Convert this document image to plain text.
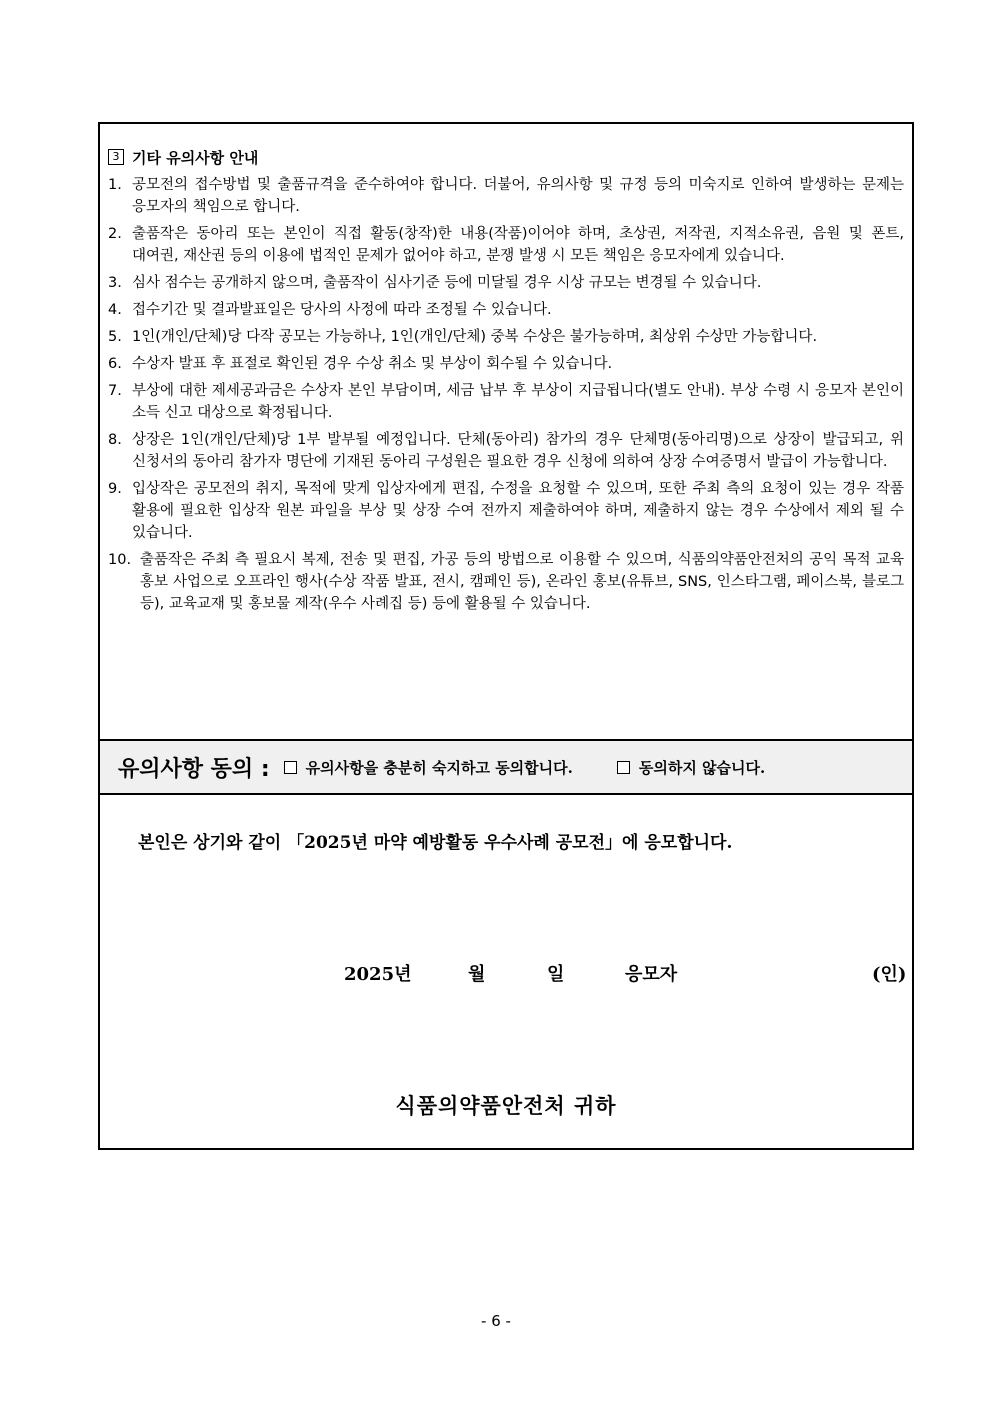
3 기타 유의사항 안내
1. 공모전의 접수방법 및 출품규격을 준수하여야 합니다. 더불어, 유의사항 및 규정 등의 미숙지로 인하여 발생하는 문제는 응모자의 책임으로 합니다.
2. 출품작은 동아리 또는 본인이 직접 활동(창작)한 내용(작품)이어야 하며, 초상권, 저작권, 지적소유권, 음원 및 폰트, 대여권, 재산권 등의 이용에 법적인 문제가 없어야 하고, 분쟁 발생 시 모든 책임은 응모자에게 있습니다.
3. 심사 점수는 공개하지 않으며, 출품작이 심사기준 등에 미달될 경우 시상 규모는 변경될 수 있습니다.
4. 접수기간 및 결과발표일은 당사의 사정에 따라 조정될 수 있습니다.
5. 1인(개인/단체)당 다작 공모는 가능하나, 1인(개인/단체) 중복 수상은 불가능하며, 최상위 수상만 가능합니다.
6. 수상자 발표 후 표절로 확인된 경우 수상 취소 및 부상이 회수될 수 있습니다.
7. 부상에 대한 제세공과금은 수상자 본인 부담이며, 세금 납부 후 부상이 지급됩니다(별도 안내). 부상 수령 시 응모자 본인이 소득 신고 대상으로 확정됩니다.
8. 상장은 1인(개인/단체)당 1부 발부될 예정입니다. 단체(동아리) 참가의 경우 단체명(동아리명)으로 상장이 발급되고, 위 신청서의 동아리 참가자 명단에 기재된 동아리 구성원은 필요한 경우 신청에 의하여 상장 수여증명서 발급이 가능합니다.
9. 입상작은 공모전의 취지, 목적에 맞게 입상자에게 편집, 수정을 요청할 수 있으며, 또한 주최 측의 요청이 있는 경우 작품 활용에 필요한 입상작 원본 파일을 부상 및 상장 수여 전까지 제출하여야 하며, 제출하지 않는 경우 수상에서 제외 될 수 있습니다.
10. 출품작은 주최 측 필요시 복제, 전송 및 편집, 가공 등의 방법으로 이용할 수 있으며, 식품의약품안전처의 공익 목적 교육 홍보 사업으로 오프라인 행사(수상 작품 발표, 전시, 캠페인 등), 온라인 홍보(유튜브, SNS, 인스타그램, 페이스북, 블로그 등), 교육교재 및 홍보물 제작(우수 사례집 등) 등에 활용될 수 있습니다.
유의사항 동의 : 유의사항을 충분히 숙지하고 동의합니다.	동의하지 않습니다.
본인은 상기와 같이 「2025년 마약 예방활동 우수사례 공모전」에 응모합니다.
2025년	월	일	응모자	(인)
식품의약품안전처 귀하
- 6 -
